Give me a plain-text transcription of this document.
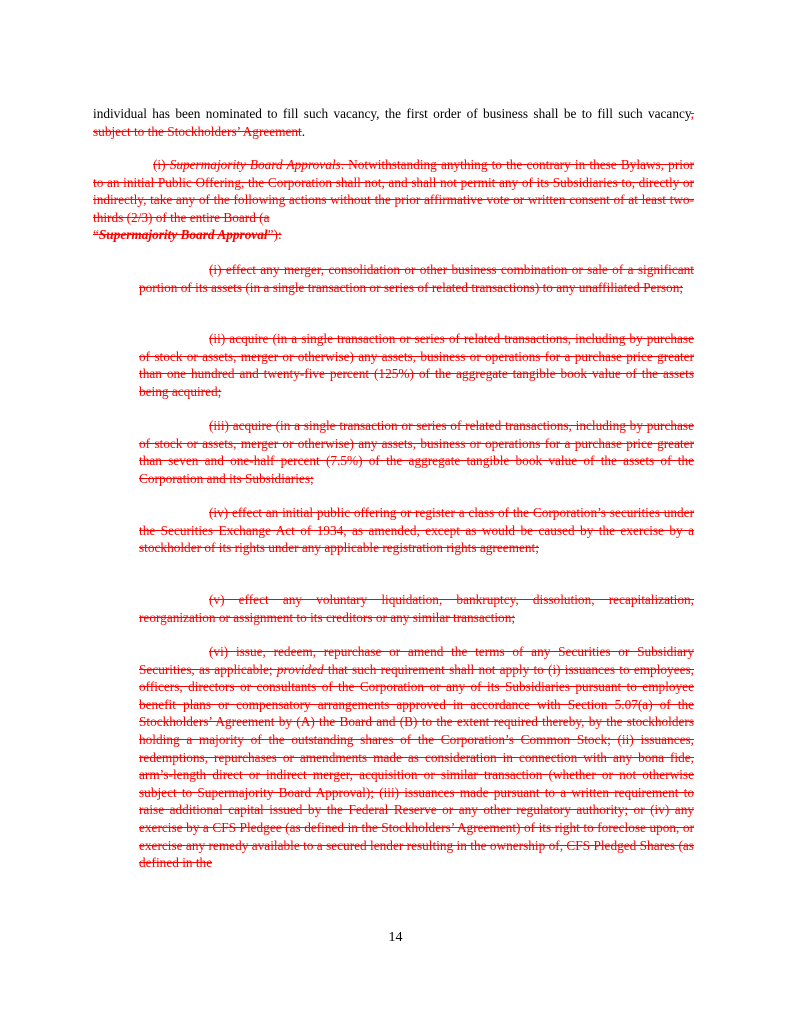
individual has been nominated to fill such vacancy, the first order of business shall be to fill such vacancy, subject to the Stockholders’ Agreement.

(i) Supermajority Board Approvals. Notwithstanding anything to the contrary in these Bylaws, prior to an initial Public Offering, the Corporation shall not, and shall not permit any of its Subsidiaries to, directly or indirectly, take any of the following actions without the prior affirmative vote or written consent of at least two-thirds (2/3) of the entire Board (a
“Supermajority Board Approval”):

(i) effect any merger, consolidation or other business combination or sale of a significant portion of its assets (in a single transaction or series of related transactions) to any unaffiliated Person;

(ii) acquire (in a single transaction or series of related transactions, including by purchase of stock or assets, merger or otherwise) any assets, business or operations for a purchase price greater than one hundred and twenty-five percent (125%) of the aggregate tangible book value of the assets being acquired;

(iii) acquire (in a single transaction or series of related transactions, including by purchase of stock or assets, merger or otherwise) any assets, business or operations for a purchase price greater than seven and one-half percent (7.5%) of the aggregate tangible book value of the assets of the Corporation and its Subsidiaries;

(iv) effect an initial public offering or register a class of the Corporation’s securities under the Securities Exchange Act of 1934, as amended, except as would be caused by the exercise by a stockholder of its rights under any applicable registration rights agreement;

(v) effect any voluntary liquidation, bankruptcy, dissolution, recapitalization, reorganization or assignment to its creditors or any similar transaction;

(vi) issue, redeem, repurchase or amend the terms of any Securities or Subsidiary Securities, as applicable; provided that such requirement shall not apply to (i) issuances to employees, officers, directors or consultants of the Corporation or any of its Subsidiaries pursuant to employee benefit plans or compensatory arrangements approved in accordance with Section 5.07(a) of the Stockholders’ Agreement by (A) the Board and (B) to the extent required thereby, by the stockholders holding a majority of the outstanding shares of the Corporation’s Common Stock; (ii) issuances, redemptions, repurchases or amendments made as consideration in connection with any bona fide, arm’s-length direct or indirect merger, acquisition or similar transaction (whether or not otherwise subject to Supermajority Board Approval); (iii) issuances made pursuant to a written requirement to raise additional capital issued by the Federal Reserve or any other regulatory authority; or (iv) any exercise by a CFS Pledgee (as defined in the Stockholders’ Agreement) of its right to foreclose upon, or exercise any remedy available to a secured lender resulting in the ownership of, CFS Pledged Shares (as defined in the

14
